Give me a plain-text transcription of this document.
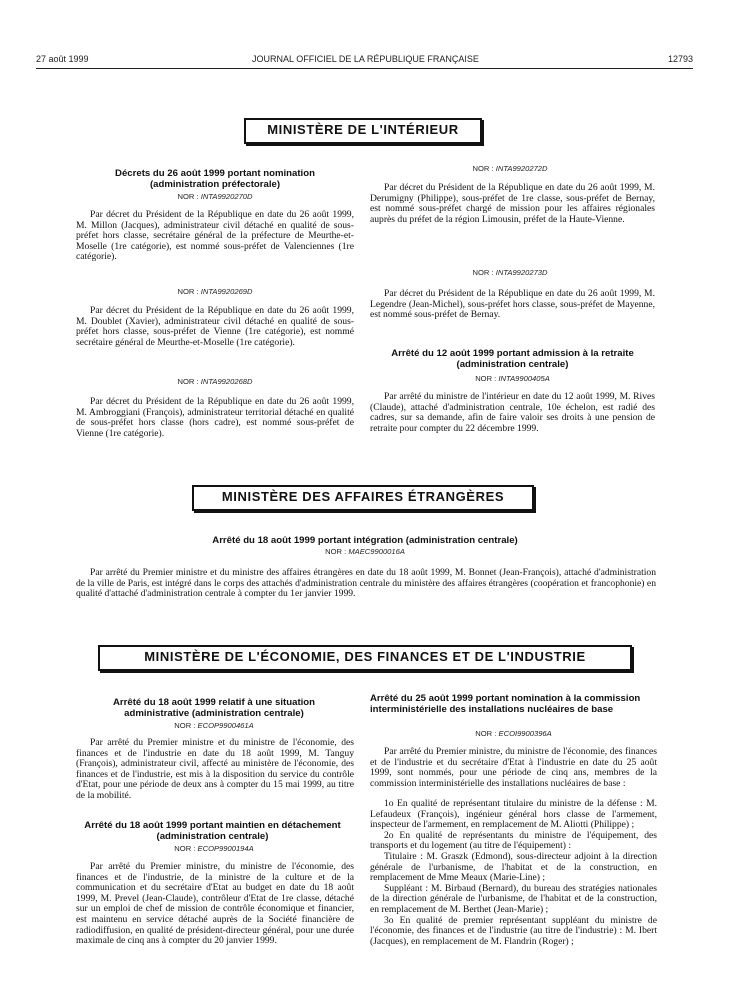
27 août 1999	JOURNAL OFFICIEL DE LA RÉPUBLIQUE FRANÇAISE	12793
MINISTÈRE DE L'INTÉRIEUR
Décrets du 26 août 1999 portant nomination (administration préfectorale)
NOR : INTA9920270D

Par décret du Président de la République en date du 26 août 1999, M. Millon (Jacques), administrateur civil détaché en qualité de sous-préfet hors classe, secrétaire général de la préfecture de Meurthe-et-Moselle (1re catégorie), est nommé sous-préfet de Valenciennes (1re catégorie).

NOR : INTA9920269D

Par décret du Président de la République en date du 26 août 1999, M. Doublet (Xavier), administrateur civil détaché en qualité de sous-préfet hors classe, sous-préfet de Vienne (1re catégorie), est nommé secrétaire général de Meurthe-et-Moselle (1re catégorie).

NOR : INTA9920268D

Par décret du Président de la République en date du 26 août 1999, M. Ambroggiani (François), administrateur territorial détaché en qualité de sous-préfet hors classe (hors cadre), est nommé sous-préfet de Vienne (1re catégorie).

NOR : INTA9920272D

Par décret du Président de la République en date du 26 août 1999, M. Derumigny (Philippe), sous-préfet de 1re classe, sous-préfet de Bernay, est nommé sous-préfet chargé de mission pour les affaires régionales auprès du préfet de la région Limousin, préfet de la Haute-Vienne.

NOR : INTA9920273D

Par décret du Président de la République en date du 26 août 1999, M. Legendre (Jean-Michel), sous-préfet hors classe, sous-préfet de Mayenne, est nommé sous-préfet de Bernay.

Arrêté du 12 août 1999 portant admission à la retraite (administration centrale)
NOR : INTA9900405A

Par arrêté du ministre de l'intérieur en date du 12 août 1999, M. Rives (Claude), attaché d'administration centrale, 10e échelon, est radié des cadres, sur sa demande, afin de faire valoir ses droits à une pension de retraite pour compter du 22 décembre 1999.

MINISTÈRE DES AFFAIRES ÉTRANGÈRES
Arrêté du 18 août 1999 portant intégration (administration centrale)
NOR : MAEC9900016A

Par arrêté du Premier ministre et du ministre des affaires étrangères en date du 18 août 1999, M. Bonnet (Jean-François), attaché d'administration de la ville de Paris, est intégré dans le corps des attachés d'administration centrale du ministère des affaires étrangères (coopération et francophonie) en qualité d'attaché d'administration centrale à compter du 1er janvier 1999.

MINISTÈRE DE L'ÉCONOMIE, DES FINANCES ET DE L'INDUSTRIE
Arrêté du 18 août 1999 relatif à une situation administrative (administration centrale)
NOR : ECOP9900461A

Par arrêté du Premier ministre et du ministre de l'économie, des finances et de l'industrie en date du 18 août 1999, M. Tanguy (François), administrateur civil, affecté au ministère de l'économie, des finances et de l'industrie, est mis à la disposition du service du contrôle d'Etat, pour une période de deux ans à compter du 15 mai 1999, au titre de la mobilité.

Arrêté du 18 août 1999 portant maintien en détachement (administration centrale)
NOR : ECOP9900194A

Par arrêté du Premier ministre, du ministre de l'économie, des finances et de l'industrie, de la ministre de la culture et de la communication et du secrétaire d'Etat au budget en date du 18 août 1999, M. Prevel (Jean-Claude), contrôleur d'Etat de 1re classe, détaché sur un emploi de chef de mission de contrôle économique et financier, est maintenu en service détaché auprès de la Société financière de radiodiffusion, en qualité de président-directeur général, pour une durée maximale de cinq ans à compter du 20 janvier 1999.

Arrêté du 25 août 1999 portant nomination à la commission interministérielle des installations nucléaires de base
NOR : ECOI9900396A

Par arrêté du Premier ministre, du ministre de l'économie, des finances et de l'industrie et du secrétaire d'Etat à l'industrie en date du 25 août 1999, sont nommés, pour une période de cinq ans, membres de la commission interministérielle des installations nucléaires de base :

1o En qualité de représentant titulaire du ministre de la défense : M. Lefaudeux (François), ingénieur général hors classe de l'armement, inspecteur de l'armement, en remplacement de M. Aliotti (Philippe) ;

2o En qualité de représentants du ministre de l'équipement, des transports et du logement (au titre de l'équipement) :

Titulaire : M. Graszk (Edmond), sous-directeur adjoint à la direction générale de l'urbanisme, de l'habitat et de la construction, en remplacement de Mme Meaux (Marie-Line) ;

Suppléant : M. Birbaud (Bernard), du bureau des stratégies nationales de la direction générale de l'urbanisme, de l'habitat et de la construction, en remplacement de M. Berthet (Jean-Marie) ;

3o En qualité de premier représentant suppléant du ministre de l'économie, des finances et de l'industrie (au titre de l'industrie) : M. Ibert (Jacques), en remplacement de M. Flandrin (Roger) ;
